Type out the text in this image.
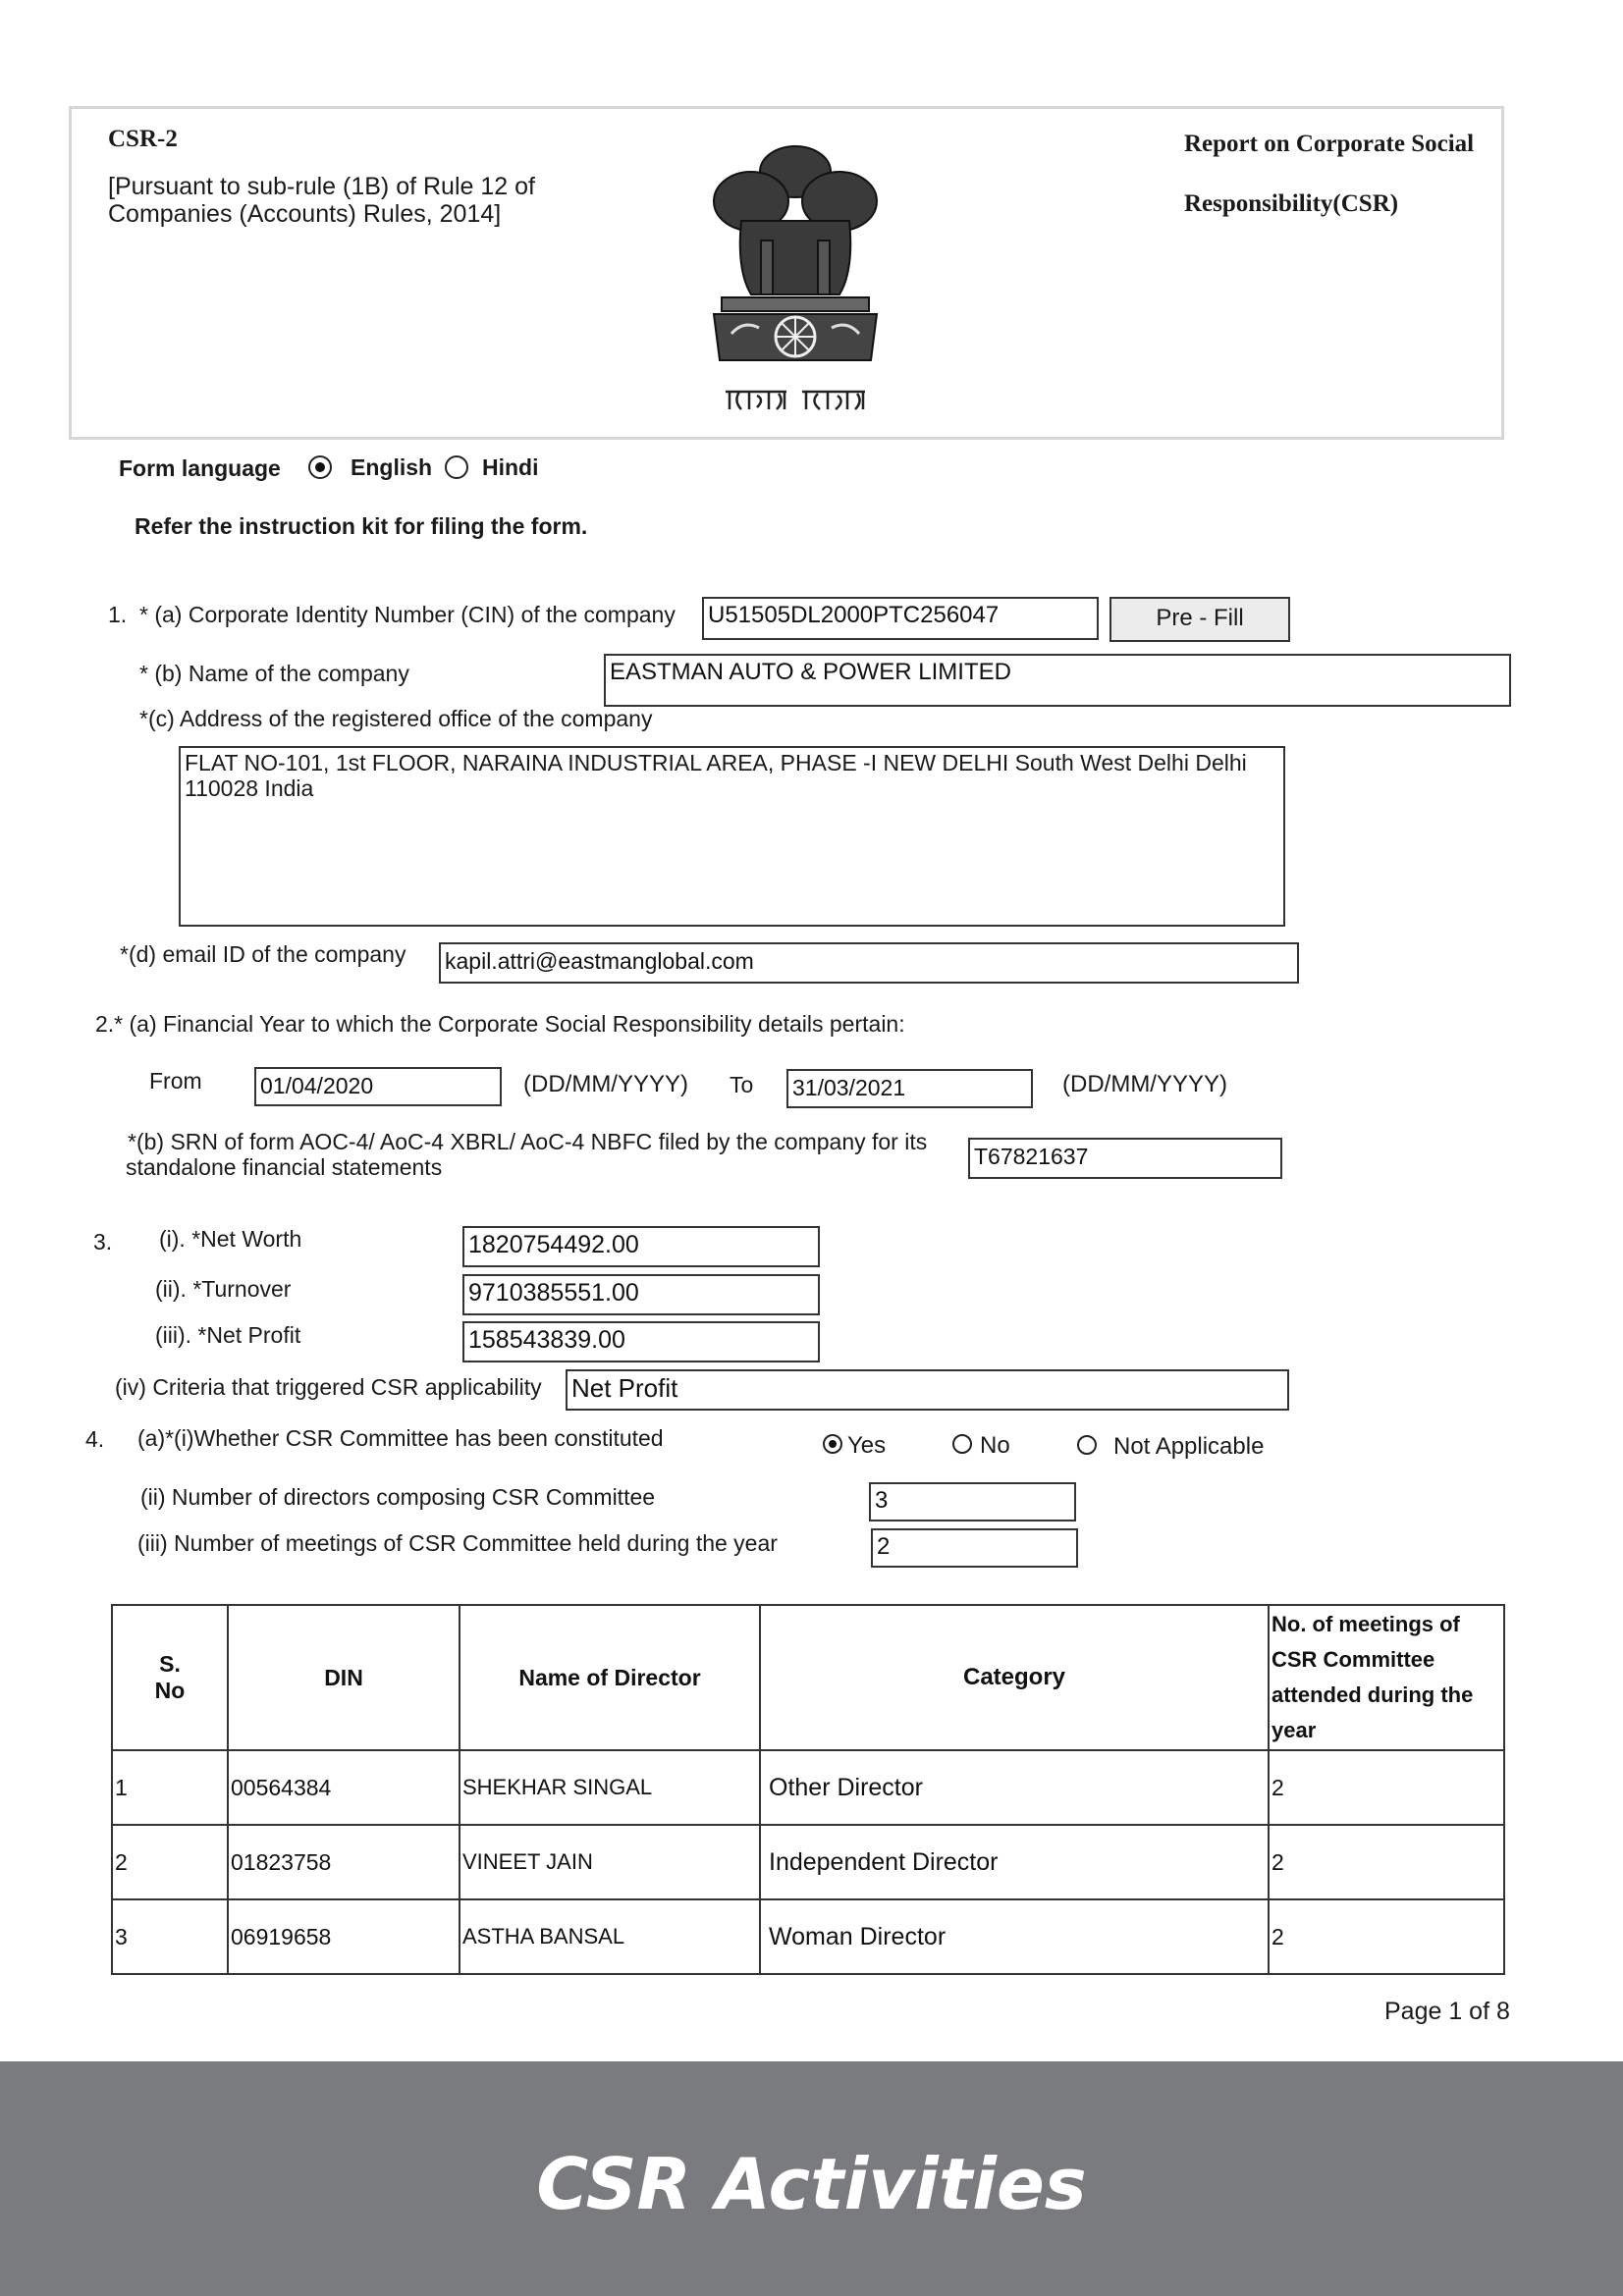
CSR-2
[Pursuant to sub-rule (1B) of Rule 12 of
Companies (Accounts) Rules, 2014]
Report on Corporate Social
Responsibility(CSR)
Form language	English Hindi
Refer the instruction kit for filing the form.
1. * (a) Corporate Identity Number (CIN) of the company U51505DL2000PTC256047	Pre - Fill
* (b) Name of the company	EASTMAN AUTO & POWER LIMITED
*(c) Address of the registered office of the company
FLAT NO-101, 1st FLOOR, NARAINA INDUSTRIAL AREA, PHASE -I NEW DELHI South West Delhi Delhi
110028 India
*(d) email ID of the company kapil.attri@eastmanglobal.com
2.* (a) Financial Year to which the Corporate Social Responsibility details pertain:
From	01/04/2020	(DD/MM/YYYY) To 31/03/2021	(DD/MM/YYYY)
*(b) SRN of form AOC-4/ AoC-4 XBRL/ AoC-4 NBFC filed by the company for its
standalone financial statements	T67821637
3. (i). *Net Worth	1820754492.00
(ii). *Turnover	9710385551.00
(iii). *Net Profit	158543839.00
(iv) Criteria that triggered CSR applicability Net Profit
4. (a)*(i)Whether CSR Committee has been constituted	Yes	No	Not Applicable
(ii) Number of directors composing CSR Committee	3
(iii) Number of meetings of CSR Committee held during the year	2
S.
No	DIN	Name of Director	Category	No. of meetings of CSR Committee attended during the year
1	00564384	SHEKHAR SINGAL	Other Director	2
2	01823758	VINEET JAIN	Independent Director	2
3	06919658	ASTHA BANSAL	Woman Director	2
Page 1 of 8
CSR Activities
